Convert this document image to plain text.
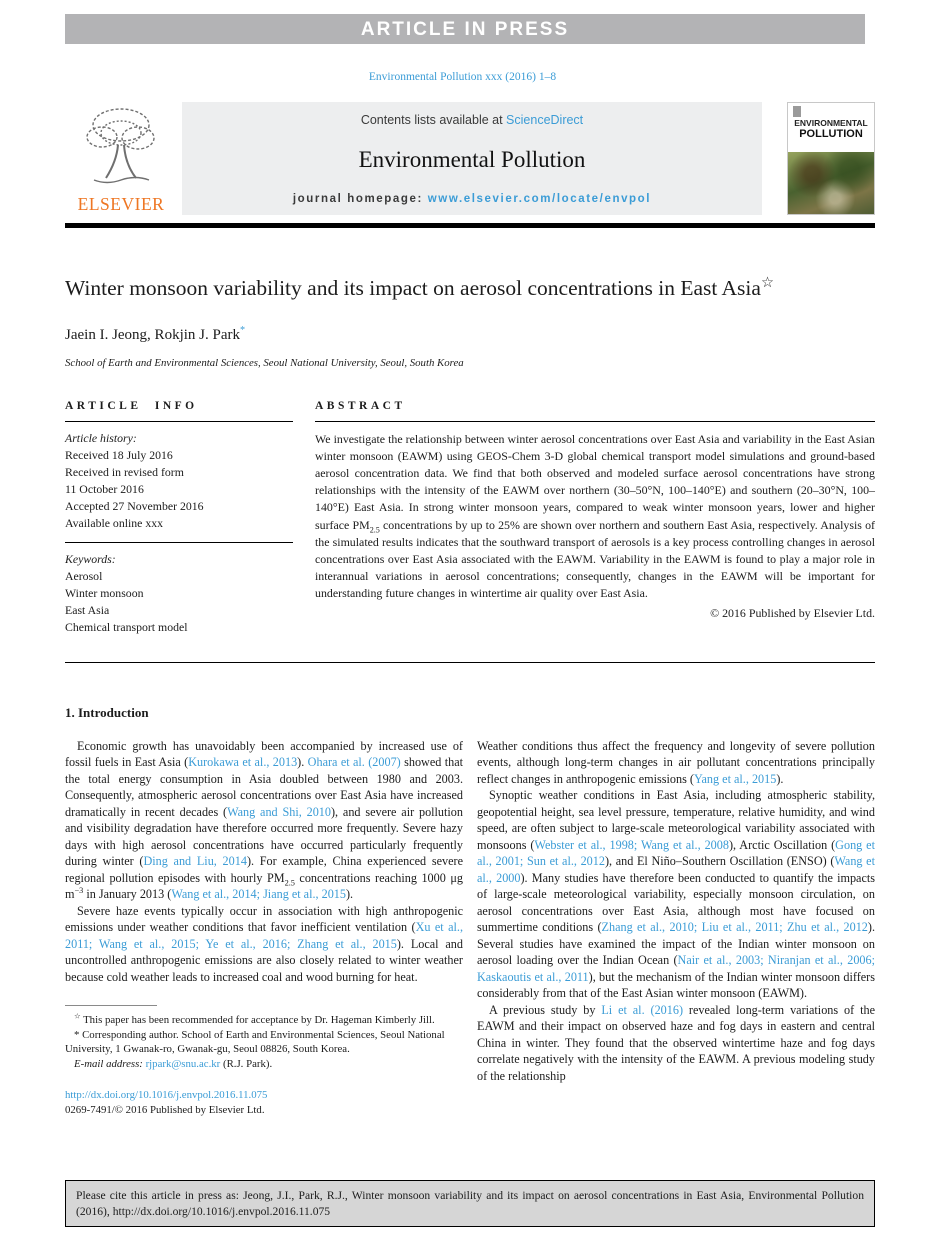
ARTICLE IN PRESS
Environmental Pollution xxx (2016) 1–8
ELSEVIER
Contents lists available at ScienceDirect
Environmental Pollution
journal homepage: www.elsevier.com/locate/envpol
ENVIRONMENTAL
POLLUTION
Winter monsoon variability and its impact on aerosol concentrations in East Asia☆
Jaein I. Jeong, Rokjin J. Park*
School of Earth and Environmental Sciences, Seoul National University, Seoul, South Korea
ARTICLE INFO
Article history:
Received 18 July 2016
Received in revised form
11 October 2016
Accepted 27 November 2016
Available online xxx
Keywords:
Aerosol
Winter monsoon
East Asia
Chemical transport model
ABSTRACT
We investigate the relationship between winter aerosol concentrations over East Asia and variability in the East Asian winter monsoon (EAWM) using GEOS-Chem 3-D global chemical transport model simulations and ground-based aerosol concentration data. We find that both observed and modeled surface aerosol concentrations have strong relationships with the intensity of the EAWM over northern (30–50°N, 100–140°E) and southern (20–30°N, 100–140°E) East Asia. In strong winter monsoon years, compared to weak winter monsoon years, lower and higher surface $PM_{2.5}$ concentrations by up to 25% are shown over northern and southern East Asia, respectively. Analysis of the simulated results indicates that the southward transport of aerosols is a key process controlling changes in aerosol concentrations over East Asia associated with the EAWM. Variability in the EAWM is found to play a major role in interannual variations in aerosol concentrations; consequently, changes in the EAWM will be important for understanding future changes in wintertime air quality over East Asia.
© 2016 Published by Elsevier Ltd.
1. Introduction

Economic growth has unavoidably been accompanied by increased use of fossil fuels in East Asia (Kurokawa et al., 2013). Ohara et al. (2007) showed that the total energy consumption in Asia doubled between 1980 and 2003. Consequently, atmospheric aerosol concentrations over East Asia have increased dramatically in recent decades (Wang and Shi, 2010), and severe air pollution and visibility degradation have therefore occurred more frequently. Severe hazy days with high aerosol concentrations have occurred particularly frequently during winter (Ding and Liu, 2014). For example, China experienced severe regional pollution episodes with hourly $PM_{2.5}$ concentrations reaching 1000 μg $m^{-3}$ in January 2013 (Wang et al., 2014; Jiang et al., 2015).

Severe haze events typically occur in association with high anthropogenic emissions under weather conditions that favor inefficient ventilation (Xu et al., 2011; Wang et al., 2015; Ye et al., 2016; Zhang et al., 2015). Local and uncontrolled anthropogenic emissions are also closely related to winter weather because cold weather leads to increased coal and wood burning for heat.

☆ This paper has been recommended for acceptance by Dr. Hageman Kimberly Jill.

* Corresponding author. School of Earth and Environmental Sciences, Seoul National University, 1 Gwanak-ro, Gwanak-gu, Seoul 08826, South Korea.

E-mail address: rjpark@snu.ac.kr (R.J. Park).

http://dx.doi.org/10.1016/j.envpol.2016.11.075

0269-7491/© 2016 Published by Elsevier Ltd.

Weather conditions thus affect the frequency and longevity of severe pollution events, although long-term changes in air pollutant concentrations principally reflect changes in anthropogenic emissions (Yang et al., 2015).

Synoptic weather conditions in East Asia, including atmospheric stability, geopotential height, sea level pressure, temperature, relative humidity, and wind speed, are often subject to large-scale meteorological variability associated with monsoons (Webster et al., 1998; Wang et al., 2008), Arctic Oscillation (Gong et al., 2001; Sun et al., 2012), and El Niño–Southern Oscillation (ENSO) (Wang et al., 2000). Many studies have therefore been conducted to quantify the impacts of large-scale meteorological variability, especially monsoon circulation, on aerosol concentrations over East Asia, although most have focused on summertime conditions (Zhang et al., 2010; Liu et al., 2011; Zhu et al., 2012). Several studies have examined the impact of the Indian winter monsoon on aerosol loading over the Indian Ocean (Nair et al., 2003; Niranjan et al., 2006; Kaskaoutis et al., 2011), but the mechanism of the Indian winter monsoon differs considerably from that of the East Asian winter monsoon (EAWM).

A previous study by Li et al. (2016) revealed long-term variations of the EAWM and their impact on observed haze and fog days in eastern and central China in winter. They found that the observed wintertime haze and fog days correlate negatively with the intensity of the EAWM. A previous modeling study of the relationship

Please cite this article in press as: Jeong, J.I., Park, R.J., Winter monsoon variability and its impact on aerosol concentrations in East Asia, Environmental Pollution (2016), http://dx.doi.org/10.1016/j.envpol.2016.11.075
